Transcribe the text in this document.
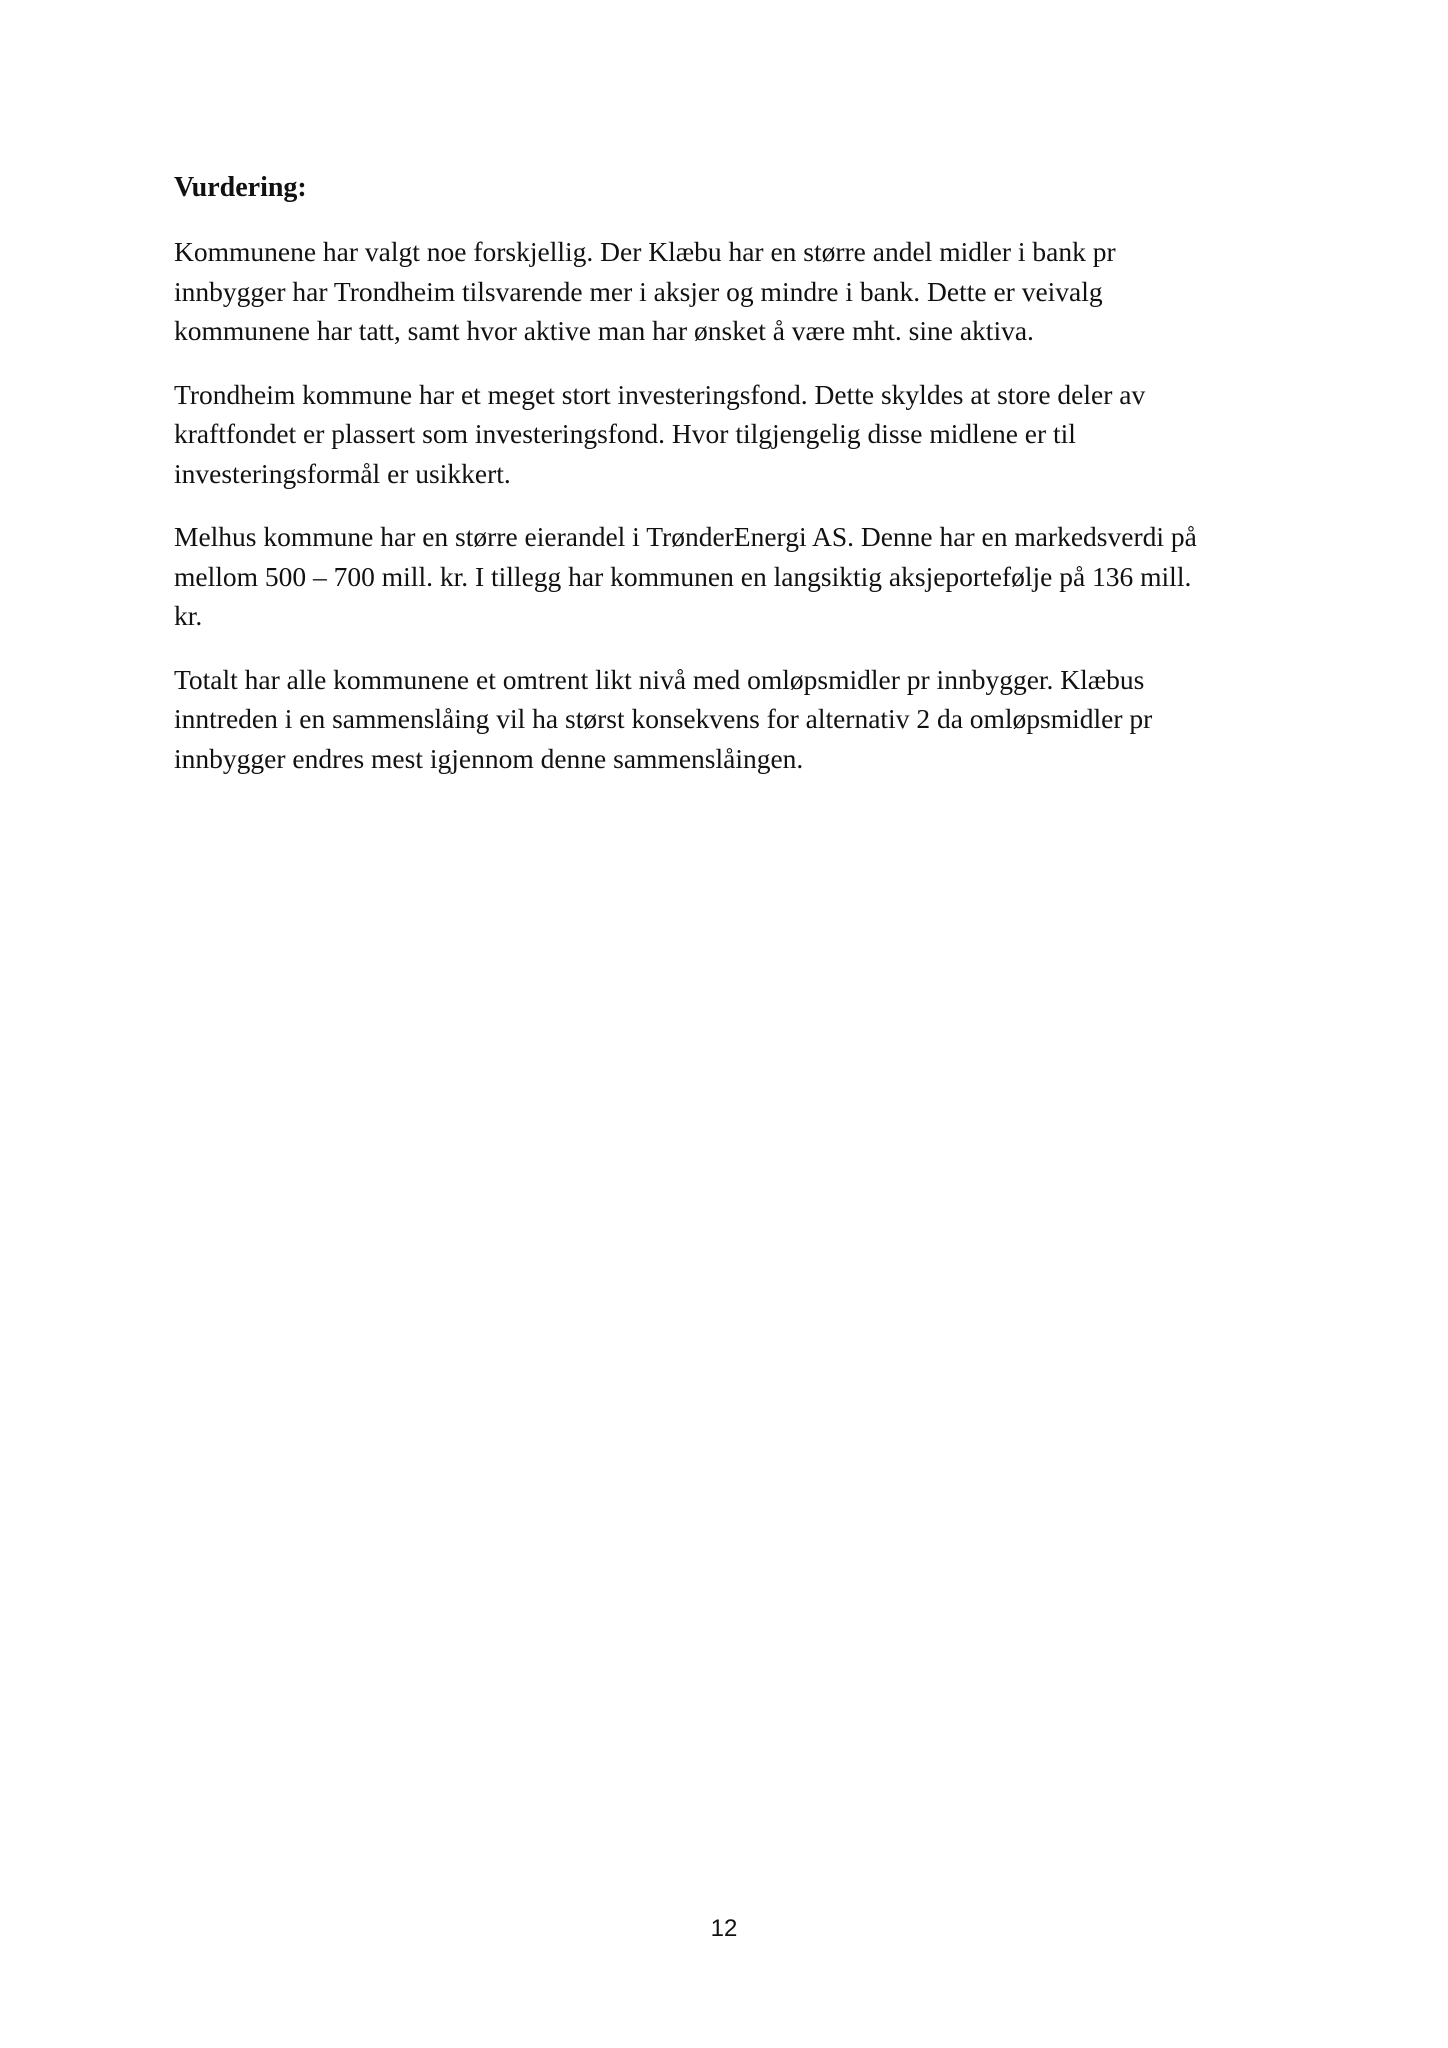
Vurdering:
Kommunene har valgt noe forskjellig. Der Klæbu har en større andel midler i bank pr
innbygger har Trondheim tilsvarende mer i aksjer og mindre i bank. Dette er veivalg
kommunene har tatt, samt hvor aktive man har ønsket å være mht. sine aktiva.
Trondheim kommune har et meget stort investeringsfond. Dette skyldes at store deler av
kraftfondet er plassert som investeringsfond. Hvor tilgjengelig disse midlene er til
investeringsformål er usikkert.
Melhus kommune har en større eierandel i TrønderEnergi AS. Denne har en markedsverdi på
mellom 500 – 700 mill. kr. I tillegg har kommunen en langsiktig aksjeportefølje på 136 mill.
kr.
Totalt har alle kommunene et omtrent likt nivå med omløpsmidler pr innbygger. Klæbus
inntreden i en sammenslåing vil ha størst konsekvens for alternativ 2 da omløpsmidler pr
innbygger endres mest igjennom denne sammenslåingen.
12
